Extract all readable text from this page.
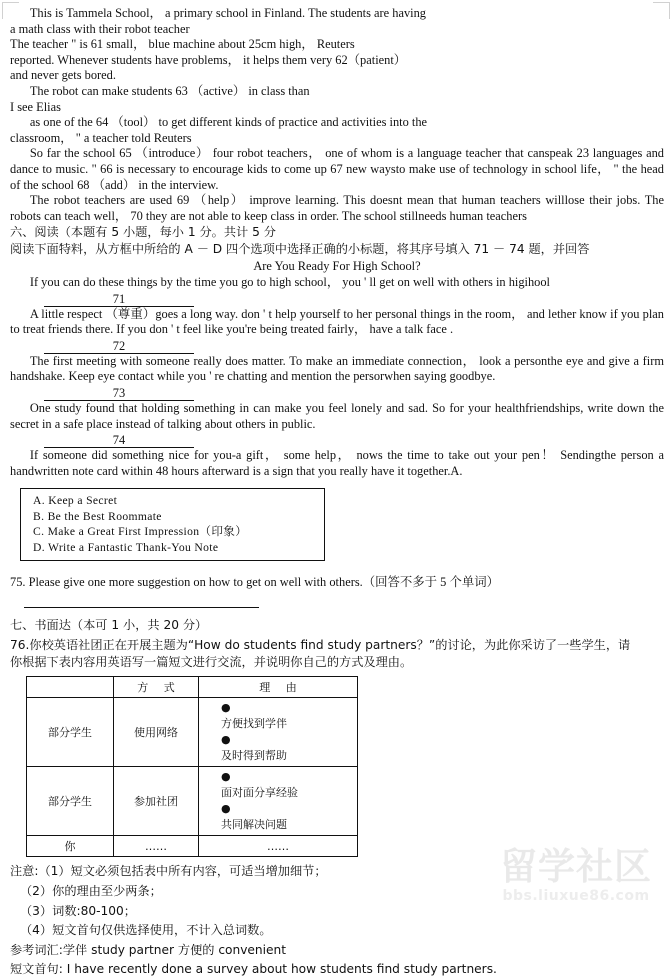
This is Tammela School， a primary school in Finland. The students are having
a math class with their robot teacher
The teacher " is 61 small， blue machine about 25cm high， Reuters
reported. Whenever students have problems， it helps them very 62（patient）
and never gets bored.
The robot can make students 63 （active） in class than
I see Elias
as one of the 64 （tool） to get different kinds of practice and activities into the
classroom， " a teacher told Reuters
So far the school 65 （introduce） four robot teachers， one of whom is a language teacher that canspeak 23 languages and dance to music. " 66 is necessary to encourage kids to come up 67 new waysto make use of technology in school life， " the head of the school 68 （add） in the interview.
The robot teachers are used 69 （help） improve learning. This doesnt mean that human teachers willlose their jobs. The robots can teach well， 70 they are not able to keep class in order. The school stillneeds human teachers
六、阅读（本题有 5 小题，每小 1 分。共计 5 分
阅读下面特料，从方框中所给的 A － D 四个选项中选择正确的小标题，将其序号填入 71 － 74 题，并回答
Are You Ready For High School?
If you can do these things by the time you go to high school， you ' ll get on well with others in higihool
71
A little respect （尊重）goes a long way. don ' t help yourself to her personal things in the room， and lether know if you plan to treat friends there. If you don ' t feel like you're being treated fairly， have a talk face .
72
The first meeting with someone really does matter. To make an immediate connection， look a personthe eye and give a firm handshake. Keep eye contact while you ' re chatting and mention the persorwhen saying goodbye.
73
One study found that holding something in can make you feel lonely and sad. So for your healthfriendships, write down the secret in a safe place instead of talking about others in public.
74
If someone did something nice for you-a gift， some help， nows the time to take out your pen！ Sendingthe person a handwritten note card within 48 hours afterward is a sign that you really have it together.A.
A. Keep a Secret
B. Be the Best Roommate
C. Make a Great First Impression（印象）
D. Write a Fantastic Thank-You Note
75. Please give one more suggestion on how to get on well with others.（回答不多于 5 个单词）
七、书面达（本可 1 小，共 20 分）
76.你校英语社团正在开展主题为“How do students find study partners？”的讨论，为此你采访了一些学生，请
你根据下表内容用英语写一篇短文进行交流，并说明你自己的方式及理由。
	方 式	理 由
部分学生	使用网络	●
方便找到学伴
●
及时得到帮助

部分学生	参加社团	●
面对面分享经验
●
共同解决问题

你	……	……
注意:（1）短文必须包括表中所有内容，可适当增加细节；
（2）你的理由至少两条；
（3）词数:80-100；
（4）短文首句仅供选择使用，不计入总词数。
参考词汇:学伴 study partner 方便的 convenient
短文首句: I have recently done a survey about how students find study partners.
留学社区
bbs.liuxue86.com
